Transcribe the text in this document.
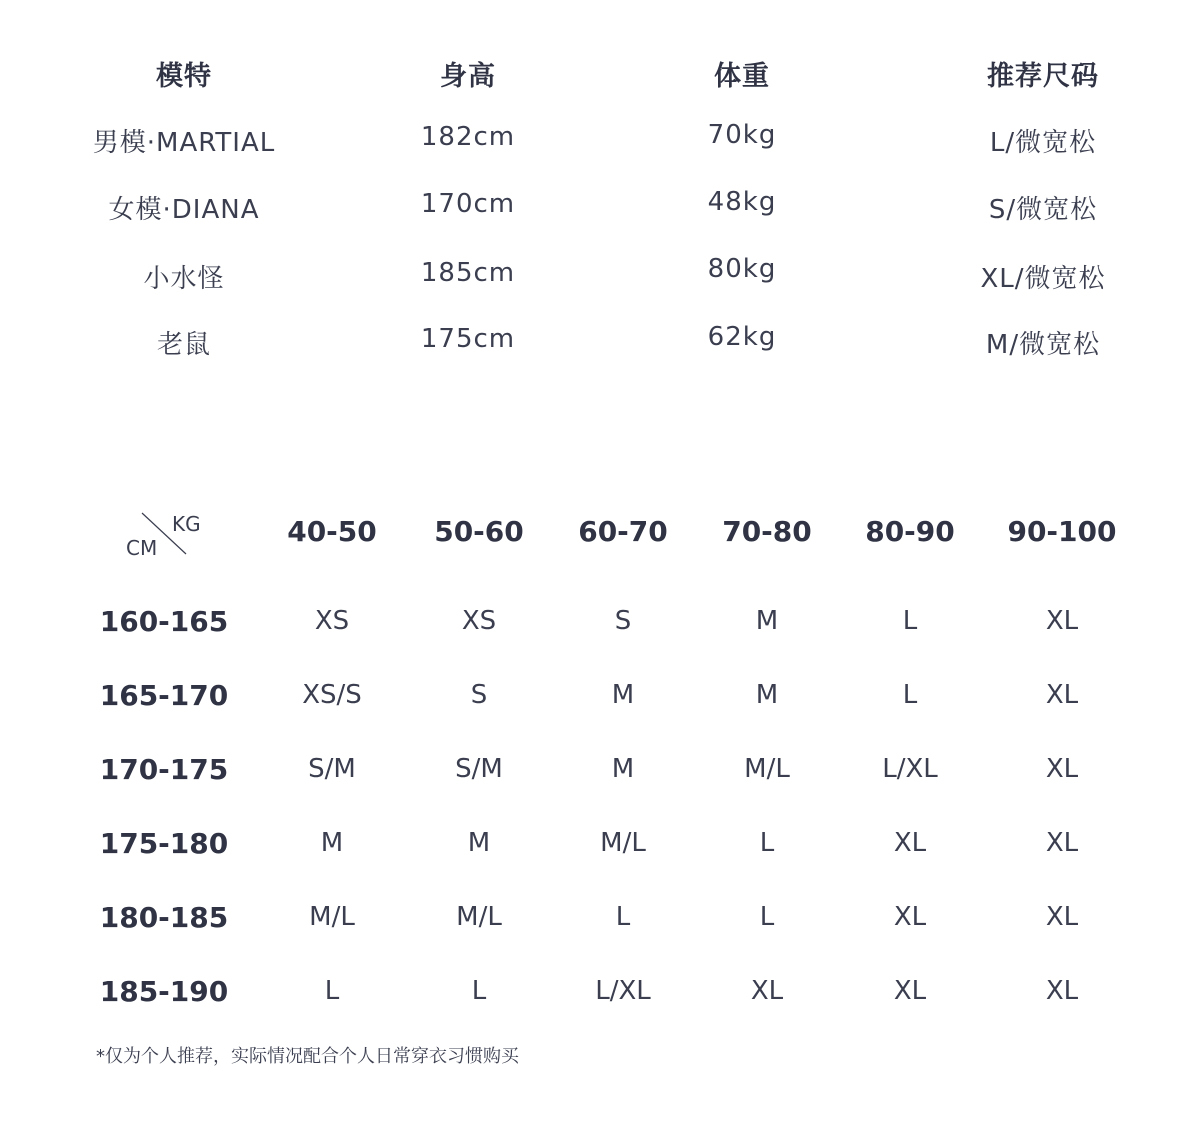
模特	身高	体重	推荐尺码
男模·MARTIAL	182cm	70kg	L/微宽松
女模·DIANA	170cm	48kg	S/微宽松
小水怪	185cm	80kg	XL/微宽松
老鼠	175cm	62kg	M/微宽松
KG
CM	40-50	50-60	60-70	70-80	80-90	90-100
160-165	XS	XS	S	M	L	XL
165-170	XS/S	S	M	M	L	XL
170-175	S/M	S/M	M	M/L	L/XL	XL
175-180	M	M	M/L	L	XL	XL
180-185	M/L	M/L	L	L	XL	XL
185-190	L	L	L/XL	XL	XL	XL
*仅为个人推荐，实际情况配合个人日常穿衣习惯购买
